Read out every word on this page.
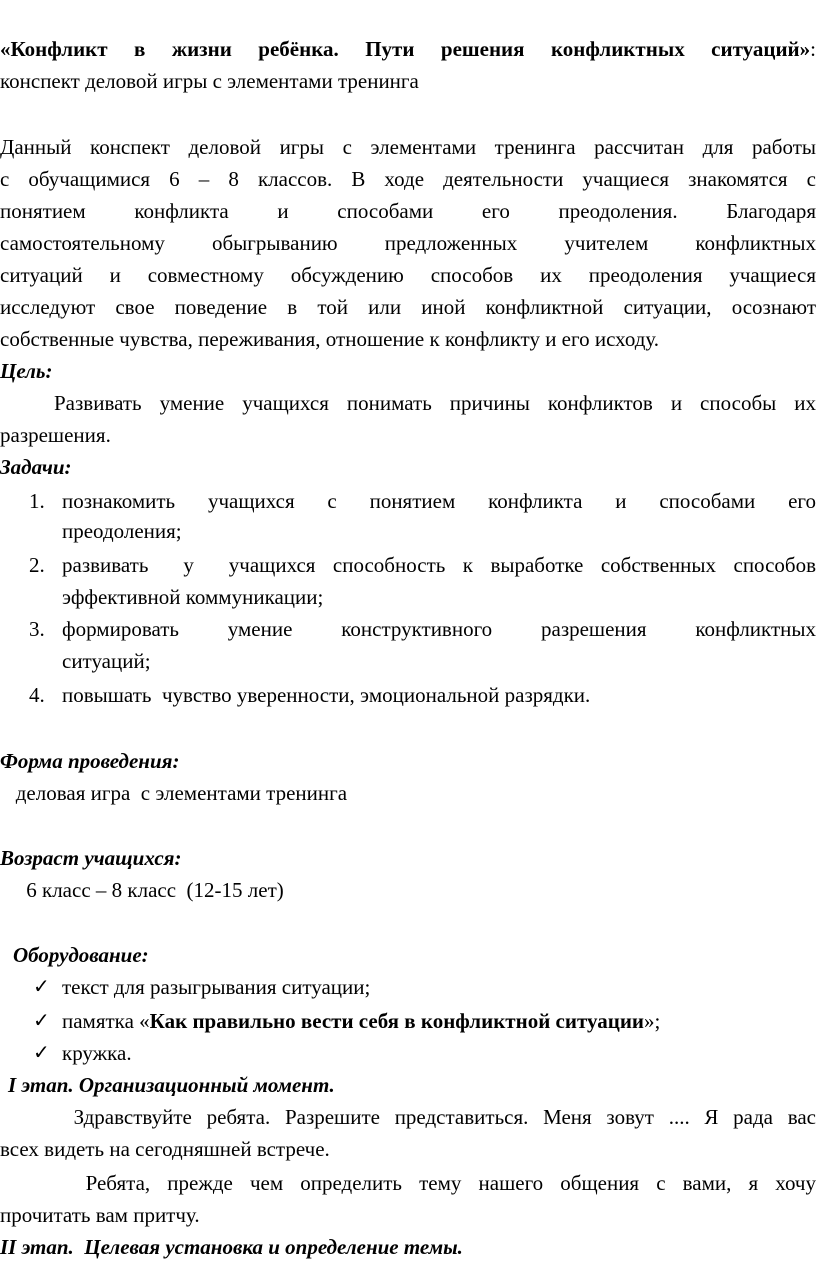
«Конфликт в жизни ребёнка. Пути решения конфликтных ситуаций»:
конспект деловой игры с элементами тренинга
Данный конспект деловой игры с элементами тренинга рассчитан для работы
с обучащимися 6 – 8 классов. В ходе деятельности учащиеся знакомятся с
понятием конфликта и способами его преодоления. Благодаря
самостоятельному обыгрыванию предложенных учителем конфликтных
ситуаций и совместному обсуждению способов их преодоления учащиеся
исследуют свое поведение в той или иной конфликтной ситуации, осознают
собственные чувства, переживания, отношение к конфликту и его исходу.
Цель:
Развивать умение учащихся понимать причины конфликтов и способы их
разрешения.
Задачи:
1. познакомить учащихся с понятием конфликта и способами его
преодоления;
2. развивать  у  учащихся способность к выработке собственных способов
эффективной коммуникации;
3. формировать умение конструктивного разрешения конфликтных
ситуаций;
4. повышать  чувство уверенности, эмоциональной разрядки.
Форма проведения:
деловая игра  с элементами тренинга
Возраст учащихся:
6 класс – 8 класс  (12-15 лет)
Оборудование:
✓ текст для разыгрывания ситуации;
✓ памятка «Как правильно вести себя в конфликтной ситуации»;
✓ кружка.
I этап. Организационный момент.
Здравствуйте ребята. Разрешите представиться. Меня зовут .... Я рада вас
всех видеть на сегодняшней встрече.
Ребята, прежде чем определить тему нашего общения с вами, я хочу
прочитать вам притчу.
II этап.  Целевая установка и определение темы.
